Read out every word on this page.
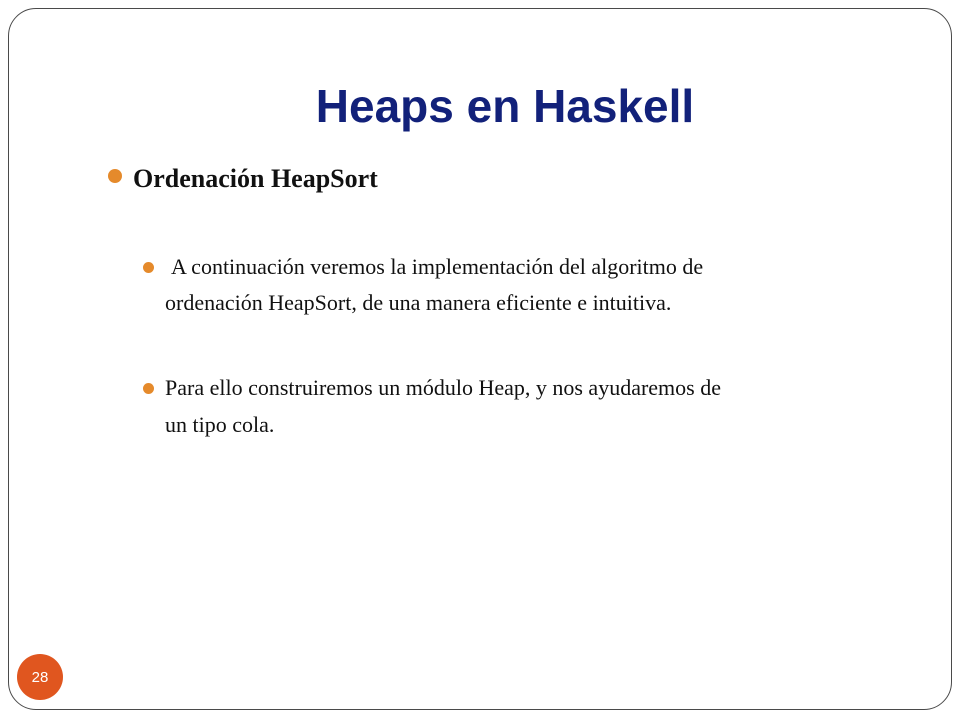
Heaps en Haskell
Ordenación HeapSort
A continuación veremos la implementación del algoritmo de
ordenación HeapSort, de una manera eficiente e intuitiva.
Para ello construiremos un módulo Heap, y nos ayudaremos de
un tipo cola.
28
